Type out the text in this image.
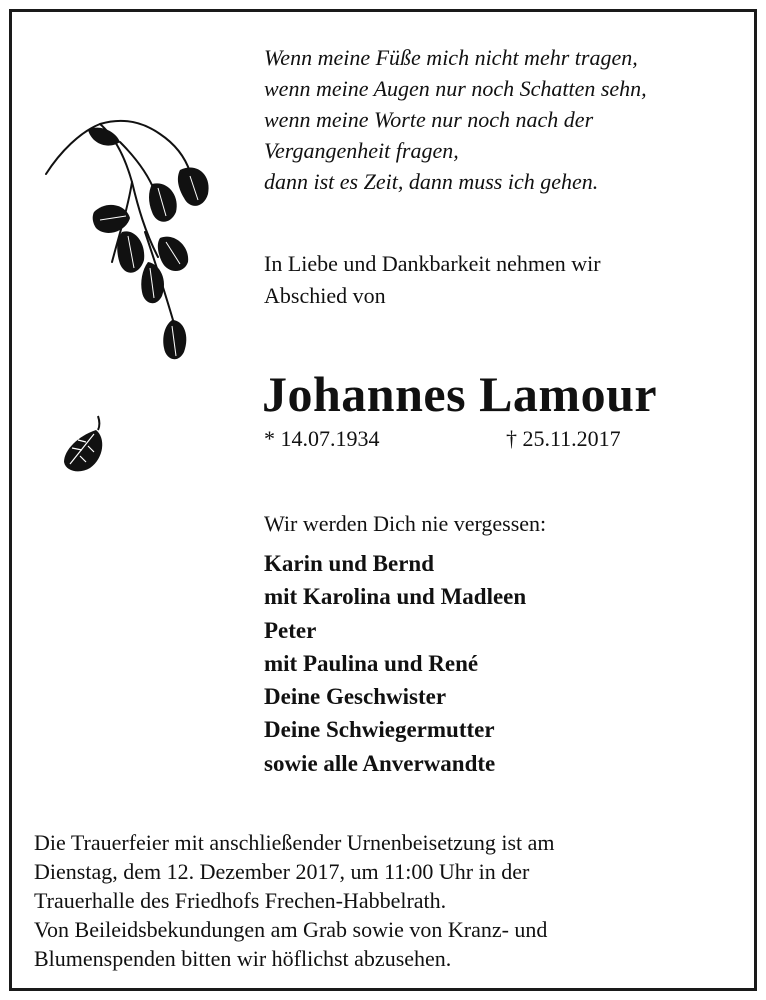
Wenn meine Füße mich nicht mehr tragen,
wenn meine Augen nur noch Schatten sehn,
wenn meine Worte nur noch nach der
Vergangenheit fragen,
dann ist es Zeit, dann muss ich gehen.
In Liebe und Dankbarkeit nehmen wir
Abschied von
Johannes Lamour
* 14.07.1934	† 25.11.2017
Wir werden Dich nie vergessen:
Karin und Bernd
mit Karolina und Madleen
Peter
mit Paulina und René
Deine Geschwister
Deine Schwiegermutter
sowie alle Anverwandte
Die Trauerfeier mit anschließender Urnenbeisetzung ist am
Dienstag, dem 12. Dezember 2017, um 11:00 Uhr in der
Trauerhalle des Friedhofs Frechen-Habbelrath.
Von Beileidsbekundungen am Grab sowie von Kranz- und
Blumenspenden bitten wir höflichst abzusehen.
